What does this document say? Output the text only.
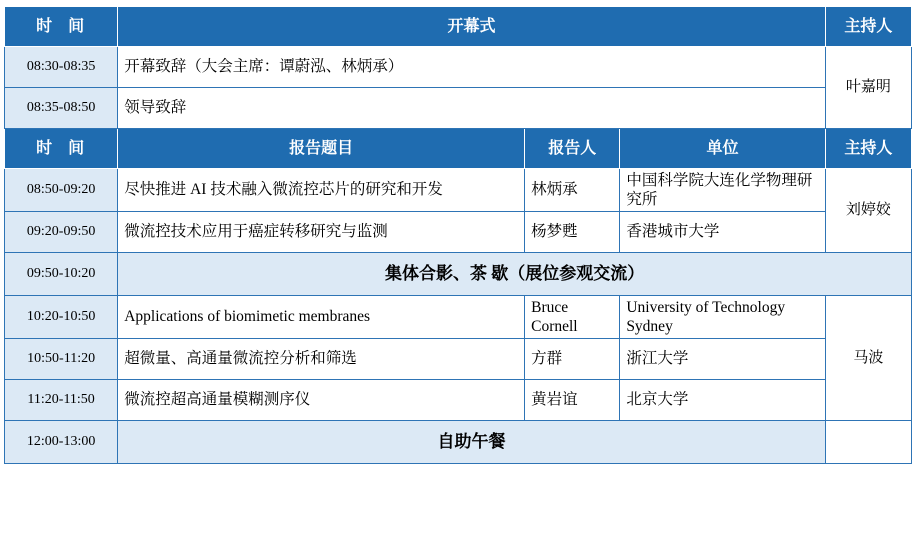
时 间	开幕式			主持人
08:30-08:35	开幕致辞（大会主席：谭蔚泓、林炳承）			叶嘉明
08:35-08:50	领导致辞			
时 间	报告题目	报告人	单位	主持人
08:50-09:20	尽快推进 AI 技术融入微流控芯片的研究和开发	林炳承	中国科学院大连化学物理研究所	刘婷姣
09:20-09:50	微流控技术应用于癌症转移研究与监测	杨梦甦	香港城市大学	
09:50-10:20	集体合影、茶 歇（展位参观交流）			
10:20-10:50	Applications of biomimetic membranes	Bruce Cornell	University of Technology Sydney	马波
10:50-11:20	超微量、高通量微流控分析和筛选	方群	浙江大学	
11:20-11:50	微流控超高通量模糊测序仪	黄岩谊	北京大学	
12:00-13:00	自助午餐			
